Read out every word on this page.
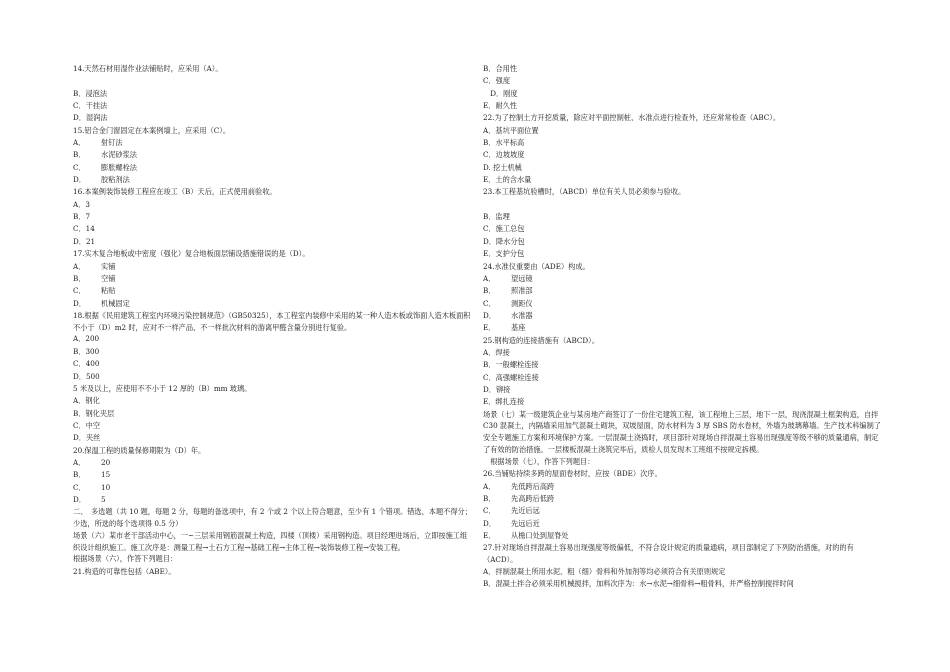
14.天然石材用湿作业法铺贴时，应采用（A）。
B．浸泡法
C．干挂法
D．湿润法
15.铝合金门窗固定在本案例墙上，应采用（C）。
A． 射钉法
B． 水泥砂浆法
C． 膨胀螺栓法
D． 胶粘剂法
16.本案例装饰装修工程应在竣工（B）天后，正式使用前验收。
A．3
B．7
C．14
D．21
17.实木复合地板或中密度（强化）复合地板面层铺设措施错误的是（D）。
A． 实铺
B． 空铺
C． 粘贴
D． 机械固定
18.根据《民用建筑工程室内环境污染控制规范》（GB50325），本工程室内装修中采用的某一种人造木板或饰面人造木板面积不小于（D）m2 时，应对不一样产品、不一样批次材料的游离甲醛含量分别进行复验。
A．200
B．300
C．400
D．500
5 米及以上，应使用不不小于 12 厚的（B）mm 玻璃。
A．钢化
B．钢化夹层
C．中空
D．夹丝
20.保温工程的质量保修期限为（D）年。
A． 20
B． 15
C． 10
D． 5
二、　多选题（共 10 题，每题 2 分，每题的备选项中，有 2 个或 2 个以上符合题意，至少有 1 个错项。错选，本题不得分；少选，所选的每个选项得 0.5 分）
场景（六）某市老干部活动中心，一~三层采用钢筋混凝土构造，四楼（顶楼）采用钢构造。项目经理进场后，立即按施工组织设计组织施工。施工次序是：测量工程→土石方工程→基础工程→主体工程→装饰装修工程→安装工程。
根据场景（六），作答下列题目：
21.构造的可靠性包括（ABE）。
B．合用性
C．强度
　D．刚度
E．耐久性
22.为了控制土方开挖质量，除应对平面控制桩、水准点进行检查外，还应常常检查（ABC）。
A．基坑平面位置
B．水平标高
C．边坡坡度
D. 挖土机械
E．土的含水量
23.本工程基坑验槽时，（ABCD）单位有关人员必须参与验收。
B．监理
C．施工总包
D．降水分包
E．支护分包
24.水准仪重要由（ADE）构成。
A． 望远镜
B． 照准部
C． 测距仪
D． 水准器
E． 基座
25.钢构造的连接措施有（ABCD）。
A．焊接
B．一般螺栓连接
C．高强螺栓连接
D．铆接
E．绑扎连接
场景（七）某一级建筑企业与某房地产商签订了一份住宅建筑工程，该工程地上三层，地下一层，现浇混凝土框架构造，自拌 C30 混凝土，内隔墙采用加气混凝土砌块，双坡屋面，防水材料为 3 厚 SBS 防水卷材，外墙为玻璃幕墙。生产技术科编制了安全专题施工方案和环境保护方案。一层混凝土浇捣时，项目部针对现场自拌混凝土容易出现强度等级不够的质量通病，制定了有效的防治措施。一层楼板混凝土浇筑完毕后，质检人员发现木工班组不按规定拆模。
　根据场景（七），作答下列题目：
26.当铺贴持续多跨的屋面卷材时，应按（BDE）次序。
A． 先低跨后高跨
B． 先高跨后低跨
C． 先近后远
D． 先远后近
E． 从檐口处到屋脊处
27.针对现场自拌混凝土容易出现强度等级偏低，不符合设计规定的质量通病，项目部制定了下列防治措施，对的的有（ACD）。
A．拌制混凝土所用水泥、粗（细）骨料和外加剂等均必须符合有关原则规定
B．混凝土拌合必须采用机械搅拌，加料次序为：水→水泥→细骨料→粗骨料，并严格控制搅拌时间
